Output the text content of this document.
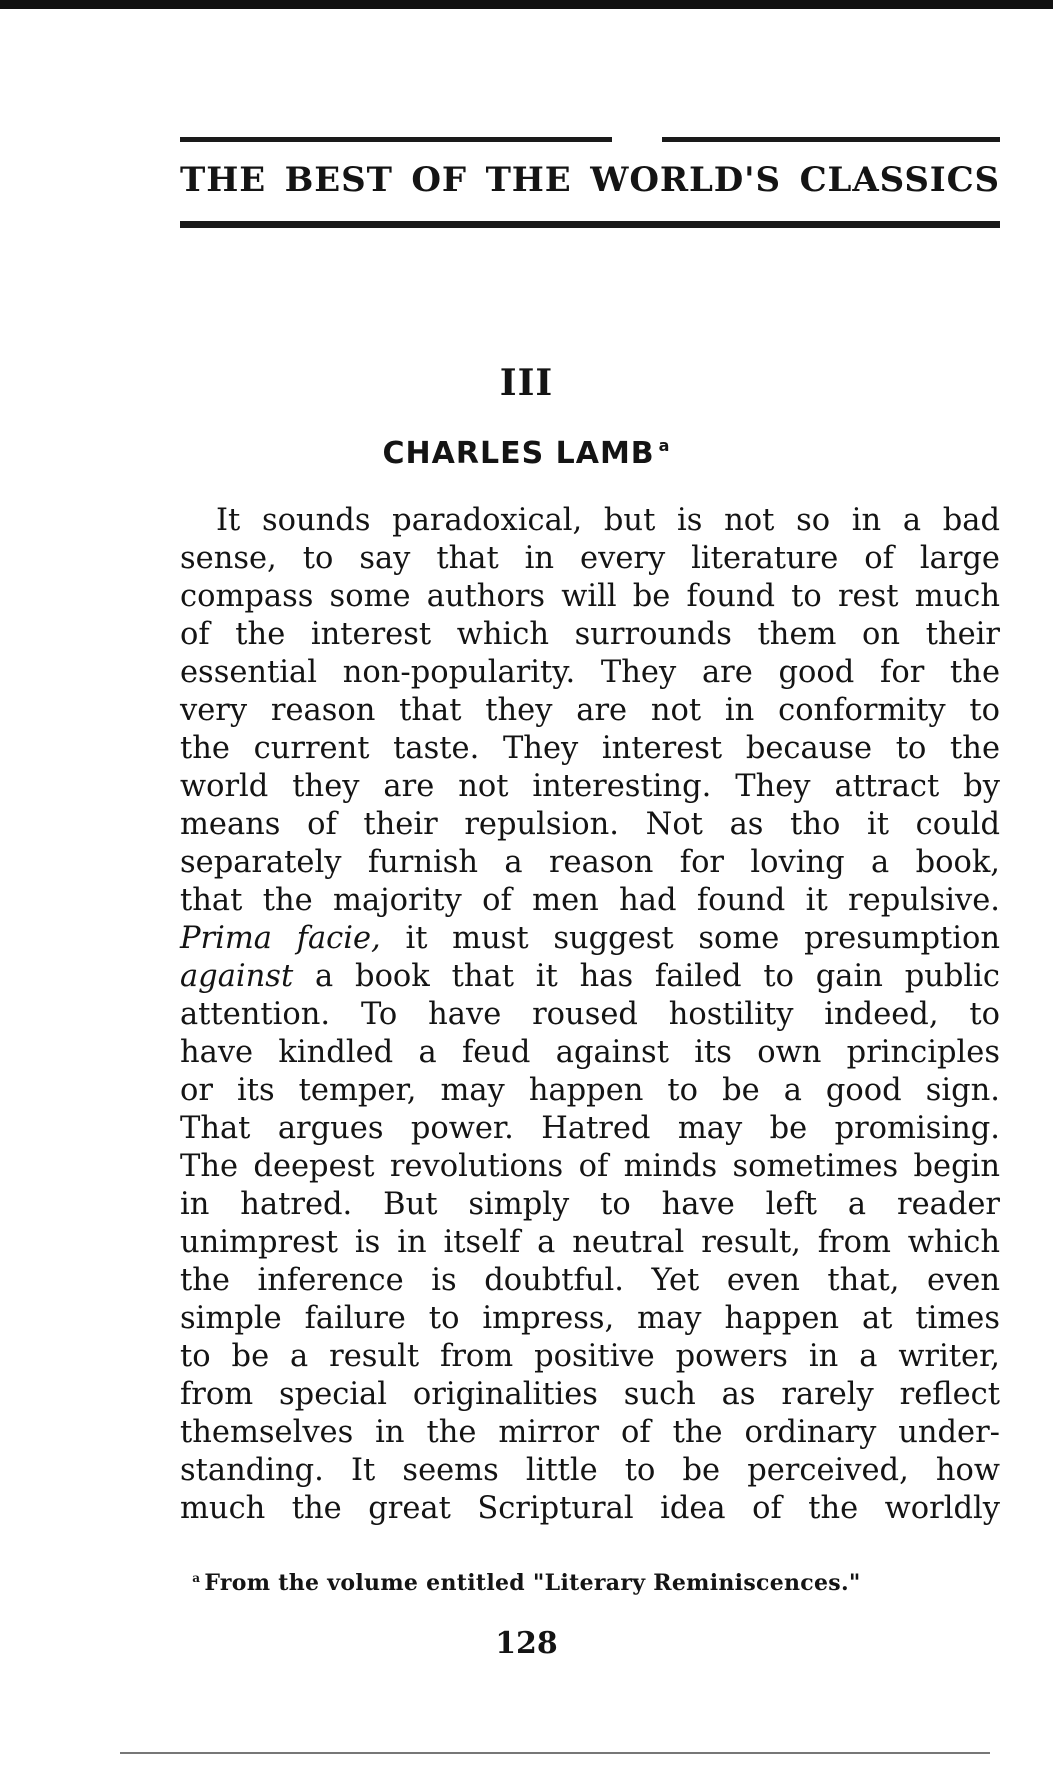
THE BEST OF THE WORLD'S CLASSICS
III
CHARLES LAMB $^a$
It sounds paradoxical, but is not so in a bad
sense, to say that in every literature of large
compass some authors will be found to rest much
of the interest which surrounds them on their
essential non-popularity. They are good for the
very reason that they are not in conformity to
the current taste. They interest because to the
world they are not interesting. They attract by
means of their repulsion. Not as tho it could
separately furnish a reason for loving a book,
that the majority of men had found it repulsive.
Prima facie, it must suggest some presumption
against a book that it has failed to gain public
attention. To have roused hostility indeed, to
have kindled a feud against its own principles
or its temper, may happen to be a good sign.
That argues power. Hatred may be promising.
The deepest revolutions of minds sometimes begin
in hatred. But simply to have left a reader
unimprest is in itself a neutral result, from which
the inference is doubtful. Yet even that, even
simple failure to impress, may happen at times
to be a result from positive powers in a writer,
from special originalities such as rarely reflect
themselves in the mirror of the ordinary under-
standing. It seems little to be perceived, how
much the great Scriptural idea of the worldly
$^a$ From the volume entitled "Literary Reminiscences."
128
